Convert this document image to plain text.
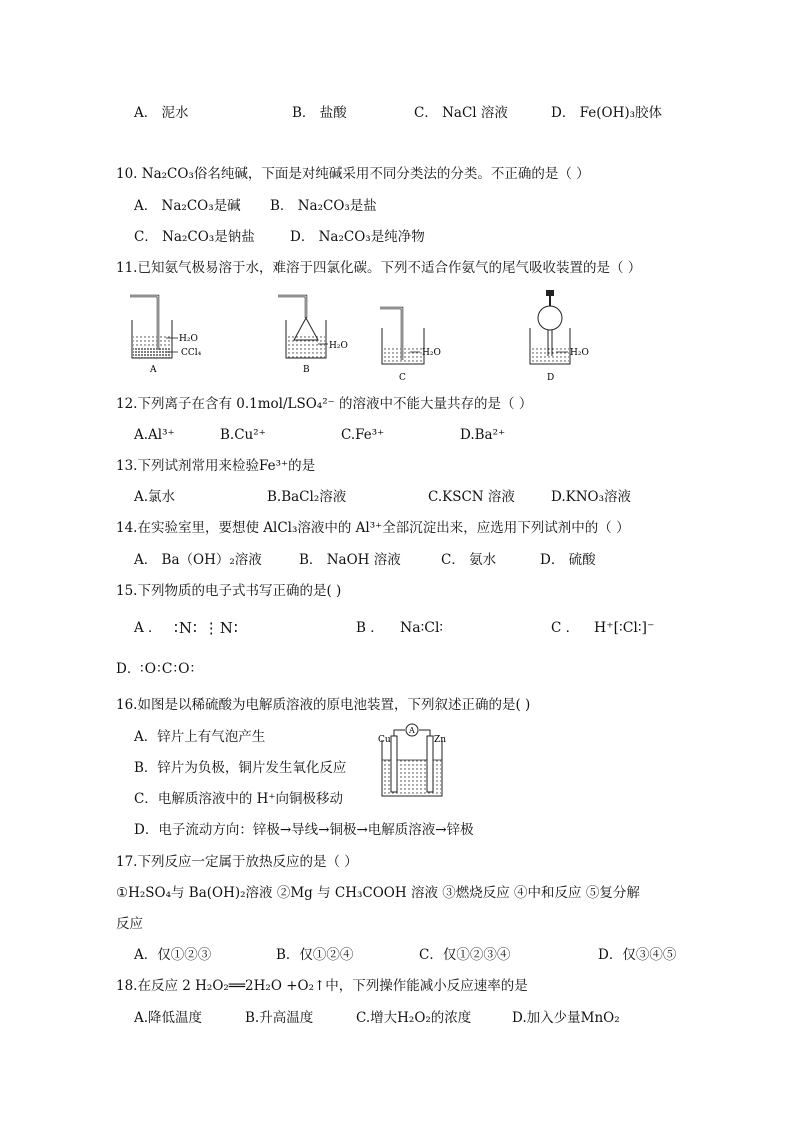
A． 泥水	B． 盐酸	C． NaCl 溶液	D． Fe(OH)₃胶体
10. Na₂CO₃俗名纯碱，下面是对纯碱采用不同分类法的分类。不正确的是（ ）
A． Na₂CO₃是碱 B． Na₂CO₃是盐
C． Na₂CO₃是钠盐	D． Na₂CO₃是纯净物
11.已知氨气极易溶于水，难溶于四氯化碳。下列不适合作氨气的尾气吸收装置的是（ ）
H₂O
CCl₄
A
H₂O
B
H₂O
C
H₂O
D
12.下列离子在含有 0.1mol/LSO₄²⁻ 的溶液中不能大量共存的是（ ）
A.Al³⁺	B.Cu²⁺	C.Fe³⁺	D.Ba²⁺
13.下列试剂常用来检验Fe³⁺的是
A.氯水	B.BaCl₂溶液	C.KSCN 溶液	D.KNO₃溶液
14.在实验室里，要想使 AlCl₃溶液中的 Al³⁺全部沉淀出来，应选用下列试剂中的（ ）
A． Ba（OH）₂溶液	B． NaOH 溶液	C． 氨水	D． 硫酸
15.下列物质的电子式书写正确的是( )
A ． ∶N∶ ⋮N∶	B ． Na∶Cl∶	C ． H⁺[∶Cl∶]⁻
D． ∶O∶C∶O∶
16.如图是以稀硫酸为电解质溶液的原电池装置，下列叙述正确的是( )
A．锌片上有气泡产生
B．锌片为负极，铜片发生氧化反应
C．电解质溶液中的 H⁺向铜极移动
D．电子流动方向：锌极→导线→铜极→电解质溶液→锌极
A
Cu	Zn
17.下列反应一定属于放热反应的是（ ）
①H₂SO₄与 Ba(OH)₂溶液 ②Mg 与 CH₃COOH 溶液 ③燃烧反应 ④中和反应 ⑤复分解
反应
A．仅①②③	B．仅①②④	C．仅①②③④	D．仅③④⑤
18.在反应 2 H₂O₂══2H₂O +O₂↑中，下列操作能减小反应速率的是
A.降低温度	B.升高温度	C.增大H₂O₂的浓度	D.加入少量MnO₂
